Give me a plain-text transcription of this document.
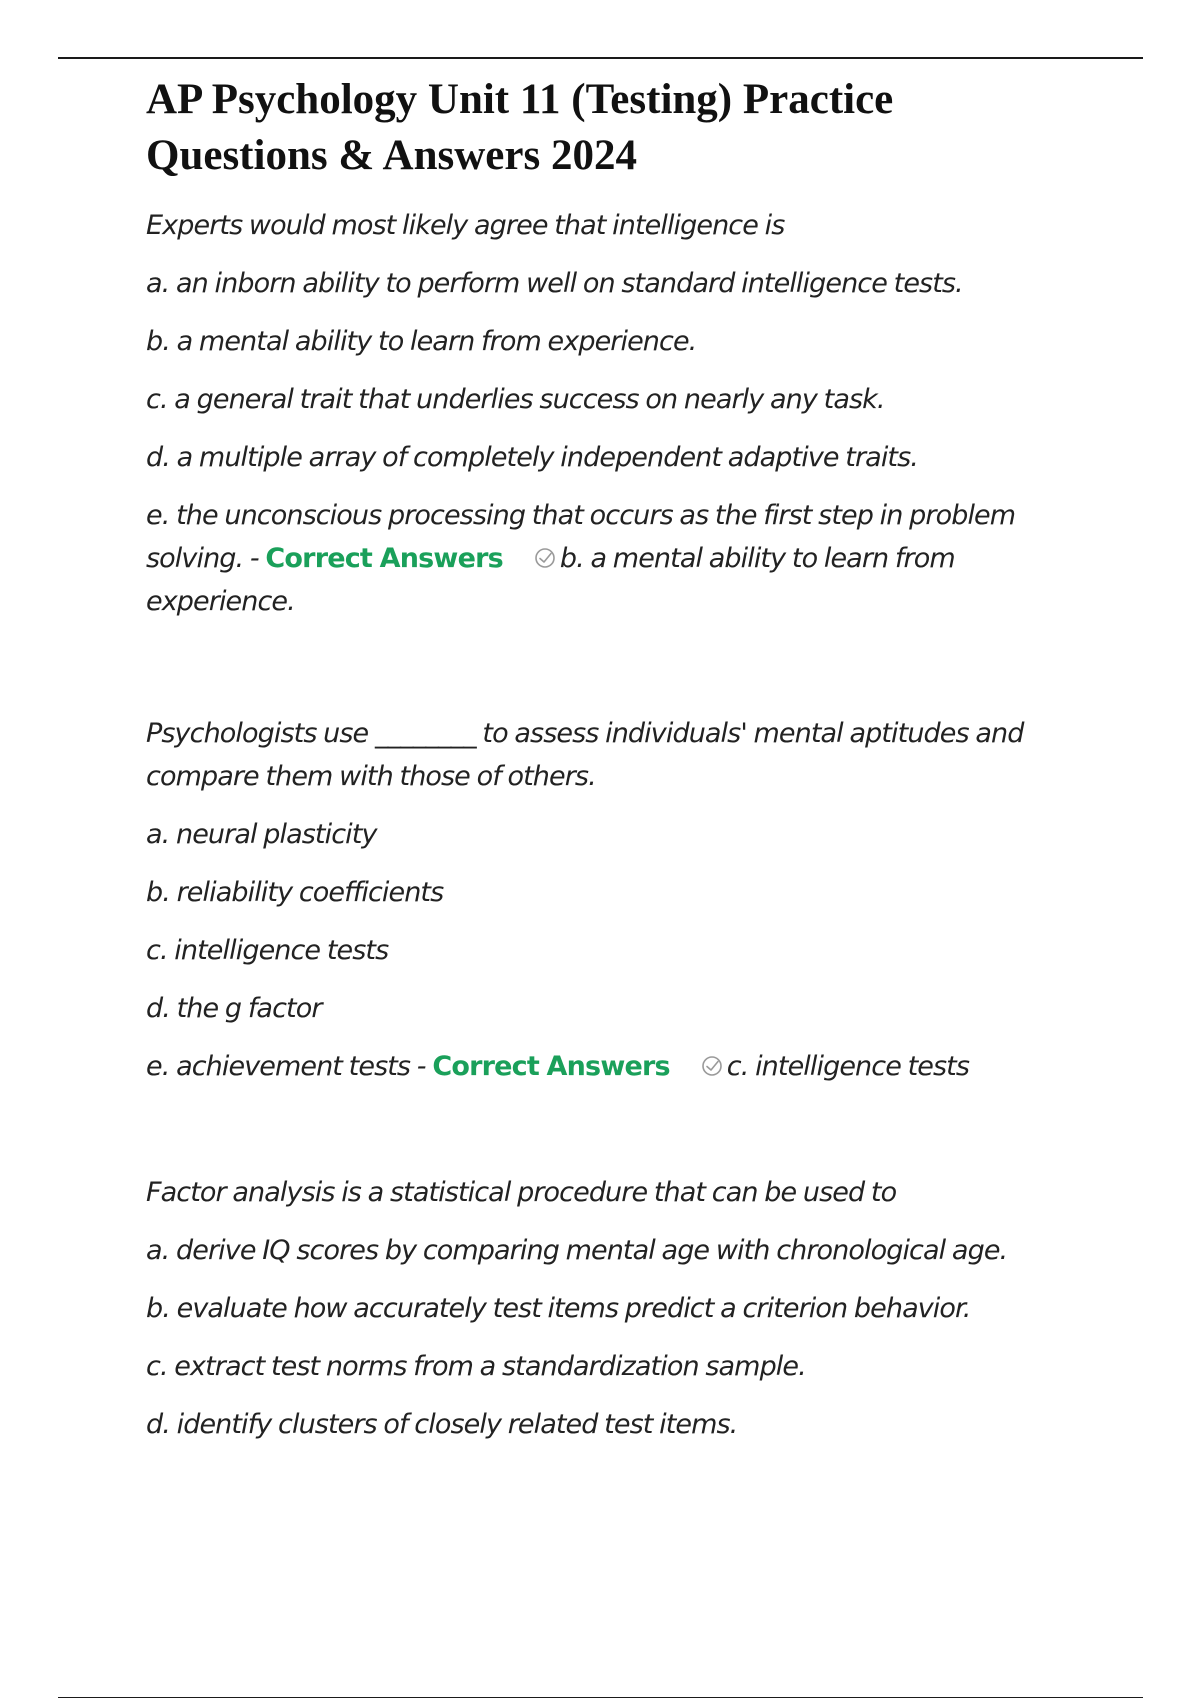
AP Psychology Unit 11 (Testing) Practice Questions & Answers 2024

Experts would most likely agree that intelligence is

a. an inborn ability to perform well on standard intelligence tests.

b. a mental ability to learn from experience.

c. a general trait that underlies success on nearly any task.

d. a multiple array of completely independent adaptive traits.

e. the unconscious processing that occurs as the first step in problem solving. - Correct Answers b. a mental ability to learn from experience.

Psychologists use ________ to assess individuals' mental aptitudes and compare them with those of others.

a. neural plasticity

b. reliability coefficients

c. intelligence tests

d. the g factor

e. achievement tests - Correct Answers c. intelligence tests

Factor analysis is a statistical procedure that can be used to

a. derive IQ scores by comparing mental age with chronological age.

b. evaluate how accurately test items predict a criterion behavior.

c. extract test norms from a standardization sample.

d. identify clusters of closely related test items.
